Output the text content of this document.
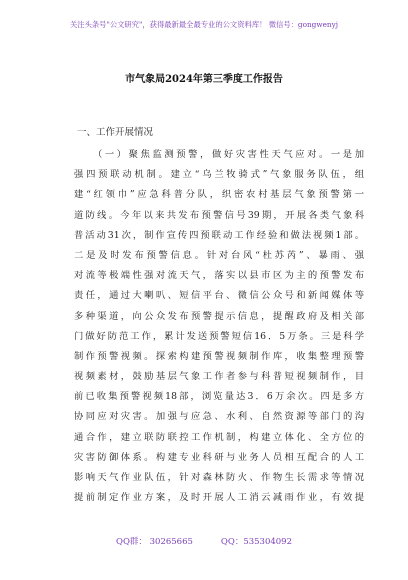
关注头条号"公文研究"，获得最新最全最专业的公文资料库！ 微信号：gongwenyj
市气象局2024年第三季度工作报告
一、工作开展情况
（一）聚焦监测预警，做好灾害性天气应对。一是加
强四预联动机制。建立“乌兰牧骑式”气象服务队伍，组
建“红领巾”应急科普分队，织密农村基层气象预警第一
道防线。今年以来共发布预警信号39期，开展各类气象科
普活动31次，制作宣传四预联动工作经验和做法视频1部。
二是及时发布预警信息。针对台风“杜苏芮”、暴雨、强
对流等极端性强对流天气，落实以县市区为主的预警发布
责任，通过大喇叭、短信平台、微信公众号和新闻媒体等
多种渠道，向公众发布预警提示信息，提醒政府及相关部
门做好防范工作，累计发送预警短信16．5万条。三是科学
制作预警视频。探索构建预警视频制作库，收集整理预警
视频素材，鼓励基层气象工作者参与科普短视频制作，目
前已收集预警视频18部，浏览量达3．6万余次。四是多方
协同应对灾害。加强与应急、水利、自然资源等部门的沟
通合作，建立联防联控工作机制，构建立体化、全方位的
灾害防御体系。构建专业科研与业务人员相互配合的人工
影响天气作业队伍，针对森林防火、作物生长需求等情况
提前制定作业方案，及时开展人工消云减雨作业，有效提
QQ群： 30265665	QQ：535304092
